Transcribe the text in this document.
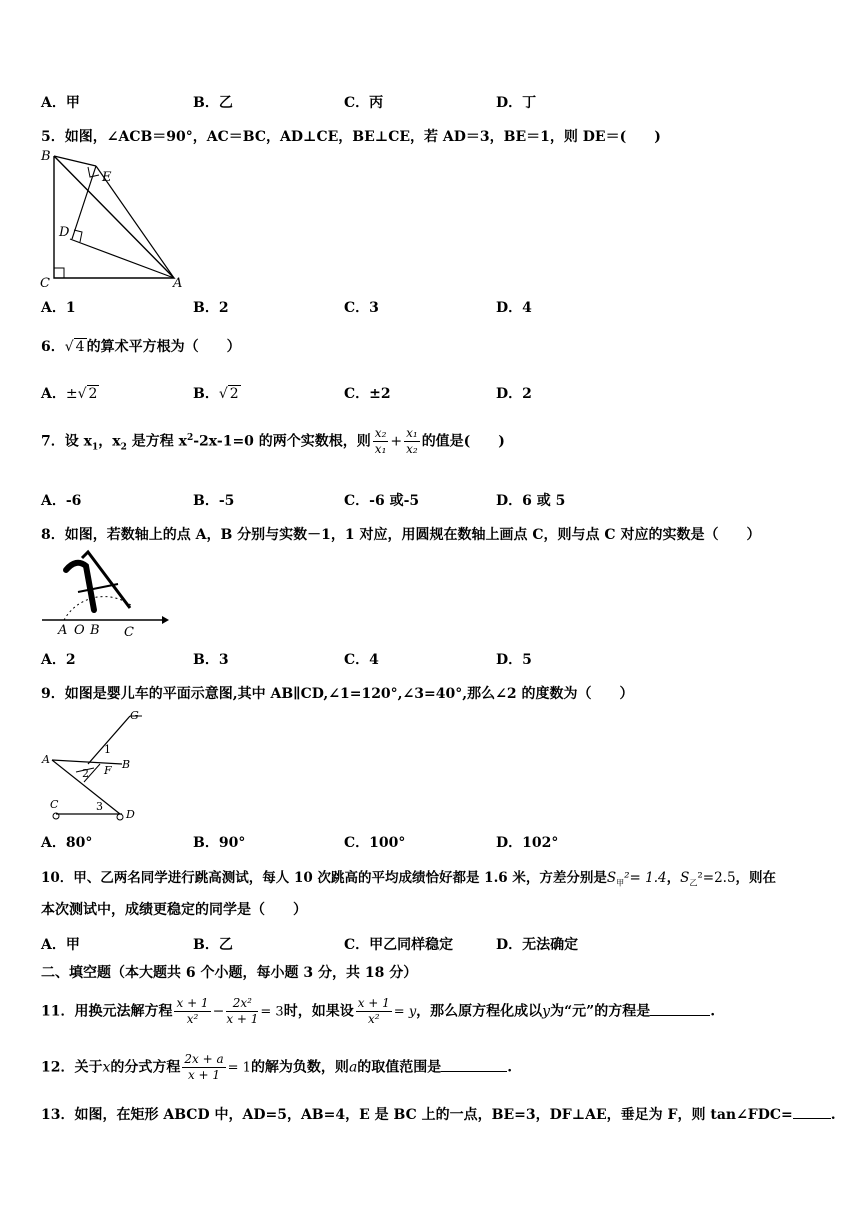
A．甲	B．乙	C．丙	D．丁
5．如图，∠ACB＝90°，AC＝BC，AD⊥CE，BE⊥CE，若 AD＝3，BE＝1，则 DE＝(　　)
B
E
D
C	A
A．1	B．2	C．3	D．4
6．√ 4 的算术平方根为（　　）
A．±√ 2	B．√ 2	C．±2	D．2
7．设 $x_1$，$x_2$ 是方程 $x^2-2x-1=0$ 的两个实数根，则 $\frac{\text{x₂}}{\text{x₁}} + \frac{\text{x₁}}{\text{x₂}}$ 的值是(　　)
A．-6	B．-5	C．-6 或-5	D．6 或 5
8．如图，若数轴上的点 A，B 分别与实数－1，1 对应，用圆规在数轴上画点 C，则与点 C 对应的实数是（　　）
A O B C
A．2	B．3	C．4	D．5
9．如图是婴儿车的平面示意图,其中 AB∥CD,∠1=120°,∠3=40°,那么∠2 的度数为（　　）
G
1
A	B
2 F
C	3
D
A．80°	B．90°	C．100°	D．102°
10．甲、乙两名同学进行跳高测试，每人 10 次跳高的平均成绩恰好都是 1.6 米，方差分别是$S_甲^2= 1.4$，$S_乙^2=2.5$，则在
本次测试中，成绩更稳定的同学是（　　）
A．甲	B．乙	C．甲乙同样稳定	D．无法确定
二、填空题（本大题共 6 个小题，每小题 3 分，共 18 分）
11．用换元法解方程 $\frac{x + 1}{\text{x²}} - \frac{\text{2x²}}{x + 1} = 3$时，如果设 $\frac{x + 1}{\text{x²}} = y$，那么原方程化成以y为“元”的方程是	.
12．关于x的分式方程 $\frac{2x + a}{x + 1} = 1$的解为负数，则a的取值范围是	.
13．如图，在矩形 ABCD 中，AD=5，AB=4，E 是 BC 上的一点，BE=3，DF⊥AE，垂足为 F，则 tan∠FDC=	.
